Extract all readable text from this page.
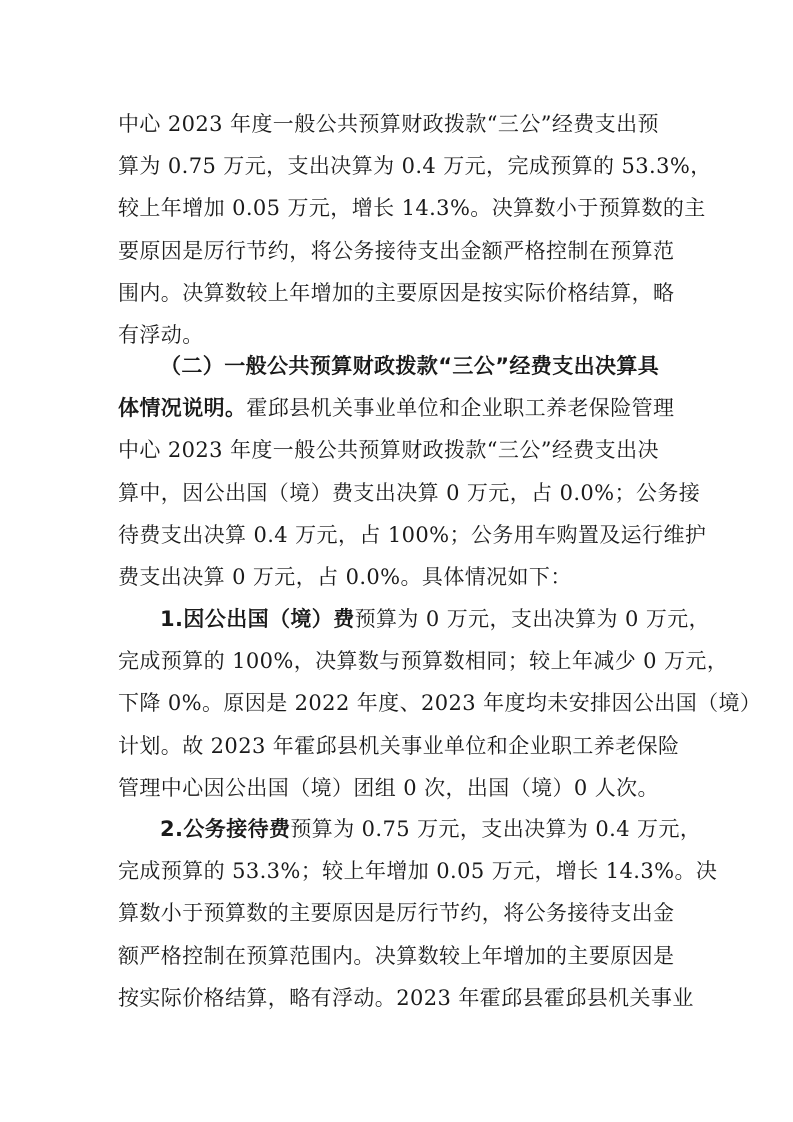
中心 2023 年度一般公共预算财政拨款“三公”经费支出预
算为 0.75 万元，支出决算为 0.4 万元，完成预算的 53.3%，
较上年增加 0.05 万元，增长 14.3%。决算数小于预算数的主
要原因是厉行节约，将公务接待支出金额严格控制在预算范
围内。决算数较上年增加的主要原因是按实际价格结算，略
有浮动。
（二）一般公共预算财政拨款“三公”经费支出决算具
体情况说明。霍邱县机关事业单位和企业职工养老保险管理
中心 2023 年度一般公共预算财政拨款“三公”经费支出决
算中，因公出国（境）费支出决算 0 万元，占 0.0%；公务接
待费支出决算 0.4 万元，占 100%；公务用车购置及运行维护
费支出决算 0 万元，占 0.0%。具体情况如下：
1.因公出国（境）费预算为 0 万元，支出决算为 0 万元，
完成预算的 100%，决算数与预算数相同；较上年减少 0 万元，
下降 0%。原因是 2022 年度、2023 年度均未安排因公出国（境）
计划。故 2023 年霍邱县机关事业单位和企业职工养老保险
管理中心因公出国（境）团组 0 次，出国（境）0 人次。
2.公务接待费预算为 0.75 万元，支出决算为 0.4 万元，
完成预算的 53.3%；较上年增加 0.05 万元，增长 14.3%。决
算数小于预算数的主要原因是厉行节约，将公务接待支出金
额严格控制在预算范围内。决算数较上年增加的主要原因是
按实际价格结算，略有浮动。2023 年霍邱县霍邱县机关事业
